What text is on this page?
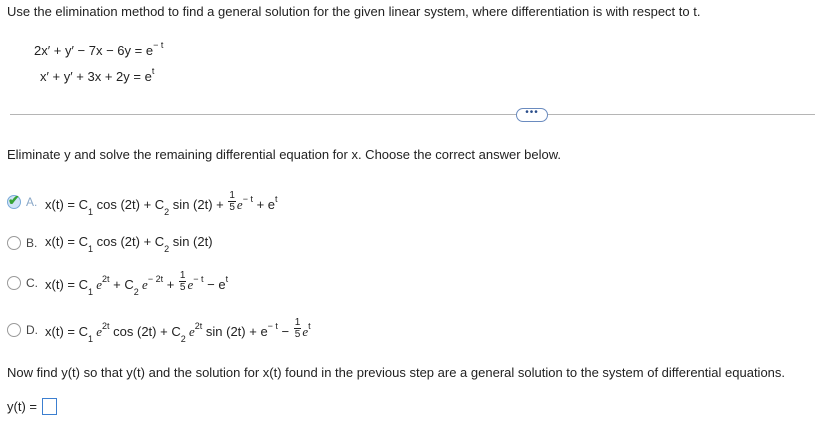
Use the elimination method to find a general solution for the given linear system, where differentiation is with respect to t.
$2x' + y' - 7x - 6y = e^{- t}$
$x' + y' + 3x + 2y = e^t$
•••
Eliminate y and solve the remaining differential equation for x. Choose the correct answer below.
✔ A. $x(t) = C_1$ $\cos (2t) + C_2$ $\sin (2t) + \frac{1}{5} e^{- t} + e^t$
B. $x(t) = C_1$ $\cos (2t) + C_2$ sin (2t)
C. $x(t) = C_1$ $e^{2t} + C_2$ $e^{- 2t} + \frac{1}{5} e^{- t} - e^t$
D. $x(t) = C_1$ $e^{2t}$ $\cos (2t) + C_2$ $e^{2t}$ $\sin (2t) + e^{- t} - \frac{1}{5} e^t$
Now find y(t) so that y(t) and the solution for x(t) found in the previous step are a general solution to the system of differential equations.
y(t) =
